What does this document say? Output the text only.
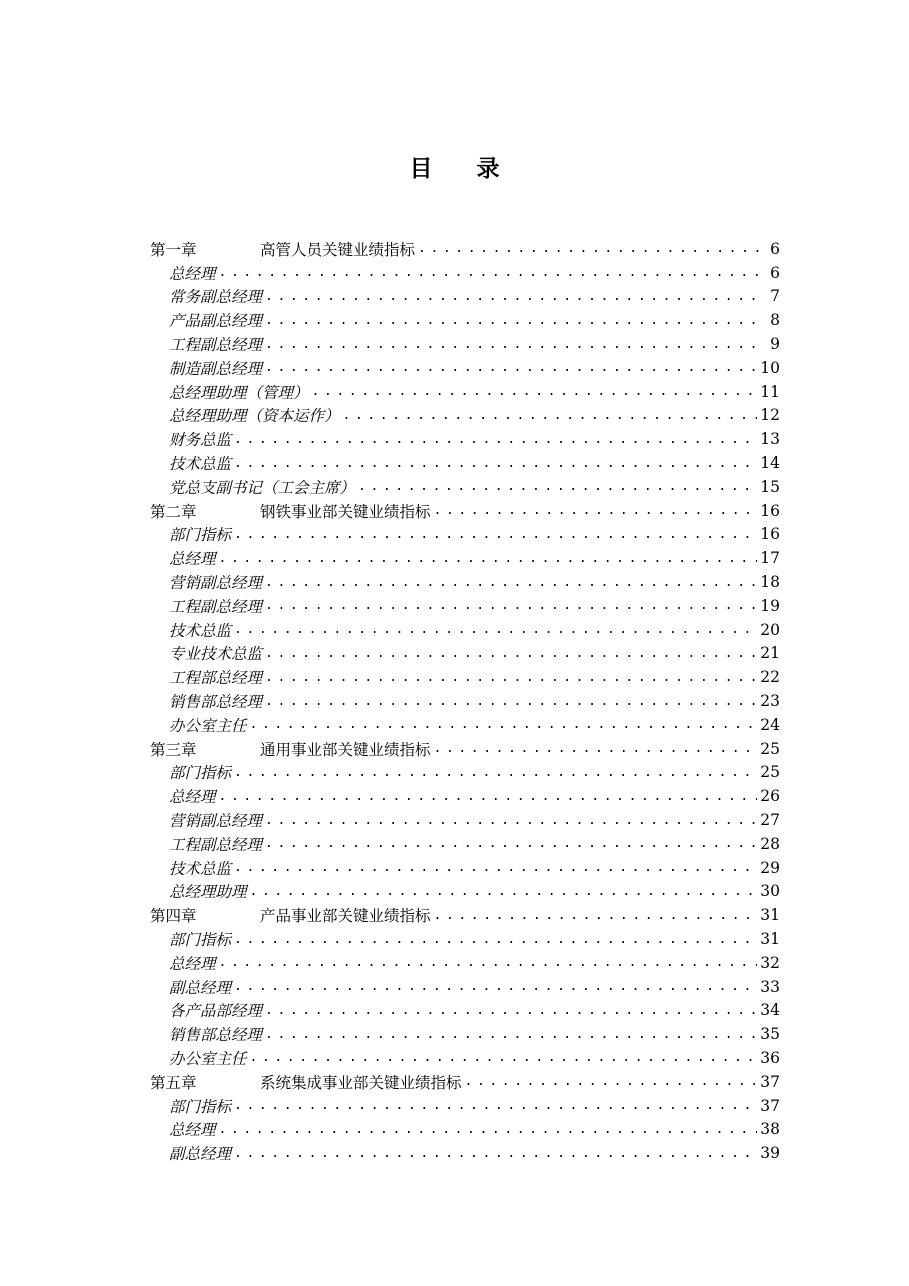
目 录
第一章	高管人员关键业绩指标 .....	6
总经理 .....	6
常务副总经理 .....	7
产品副总经理 .....	8
工程副总经理 .....	9
制造副总经理 .....	10
总经理助理（管理） .....	11
总经理助理（资本运作） .....	12
财务总监 .....	13
技术总监 .....	14
党总支副书记（工会主席） .....	15
第二章	钢铁事业部关键业绩指标 .....	16
部门指标 .....	16
总经理 .....	17
营销副总经理 .....	18
工程副总经理 .....	19
技术总监 .....	20
专业技术总监 .....	21
工程部总经理 .....	22
销售部总经理 .....	23
办公室主任 .....	24
第三章	通用事业部关键业绩指标 .....	25
部门指标 .....	25
总经理 .....	26
营销副总经理 .....	27
工程副总经理 .....	28
技术总监 .....	29
总经理助理 .....	30
第四章	产品事业部关键业绩指标 .....	31
部门指标 .....	31
总经理 .....	32
副总经理 .....	33
各产品部经理 .....	34
销售部总经理 .....	35
办公室主任 .....	36
第五章	系统集成事业部关键业绩指标 .....	37
部门指标 .....	37
总经理 .....	38
副总经理 .....	39
